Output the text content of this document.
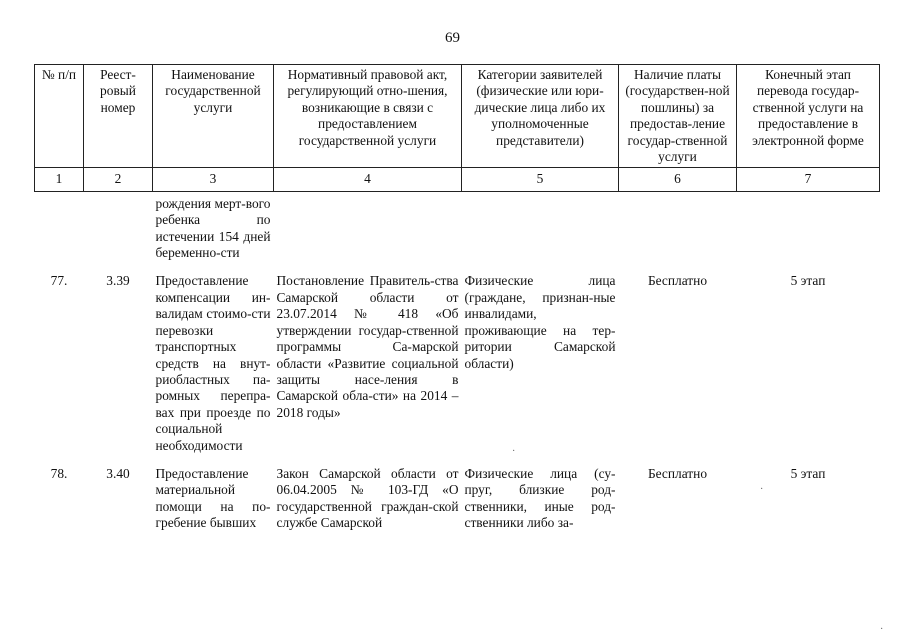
69
№ п/п	Реест-ровый номер	Наименование государственной услуги	Нормативный правовой акт, регулирующий отно-шения, возникающие в связи с предоставлением государственной услуги	Категории заявителей (физические или юри-дические лица либо их уполномоченные представители)	Наличие платы (государствен-ной пошлины) за предостав-ление государ-ственной услуги	Конечный этап перевода государ-ственной услуги на предоставление в электронной форме
1	2	3	4	5	6	7
		рождения мерт-вого ребенка по истечении 154 дней беременно-сти				
77.	3.39	Предоставление компенсации ин-валидам стоимо-сти перевозки транспортных средств на внут-риобластных па-ромных перепра-вах при проезде по социальной необходимости	Постановление Правитель-ства Самарской области от 23.07.2014 № 418 «Об утверждении государ-ственной программы Са-марской области «Развитие социальной защиты насе-ления в Самарской обла-сти» на 2014 – 2018 годы»	Физические лица (граждане, признан-ные инвалидами, проживающие на тер-ритории Самарской области)	Бесплатно	5 этап
78.	3.40	Предоставление материальной помощи на по-гребение бывших	Закон Самарской области от 06.04.2005 № 103-ГД «О государственной граждан-ской службе Самарской	Физические лица (су-пруг, близкие род-ственники, иные род-ственники либо за-	Бесплатно	5 этап
·
·
·
